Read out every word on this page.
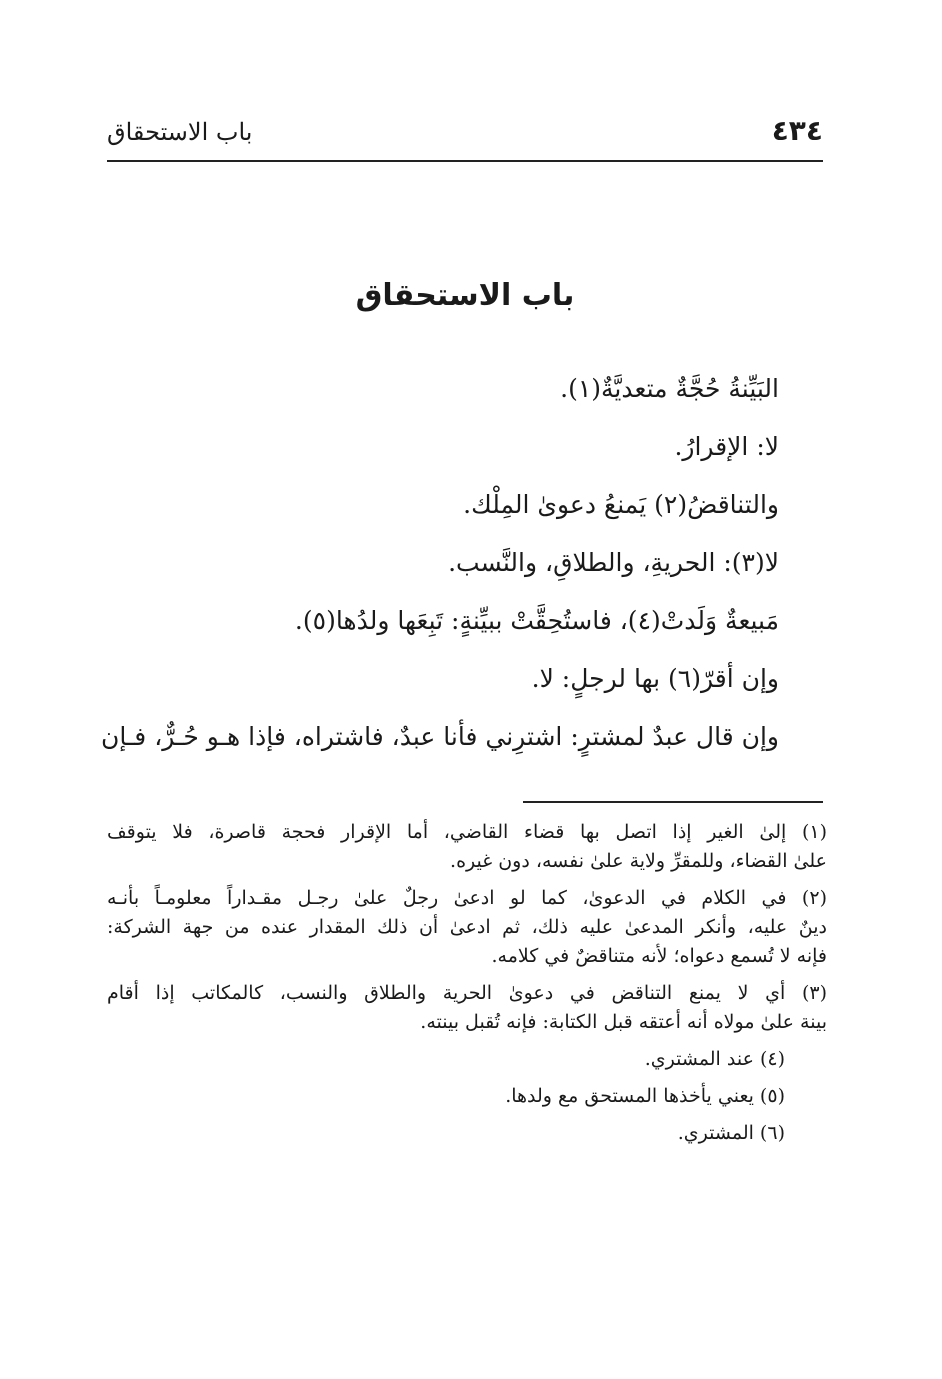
٤٣٤
باب الاستحقاق
باب الاستحقاق
البَيِّنةُ حُجَّةٌ متعديَّةٌ(١).
لا: الإقرارُ.
والتناقضُ(٢) يَمنعُ دعوىٰ المِلْك.
لا(٣): الحريةِ، والطلاقِ، والنَّسب.
مَبيعةٌ وَلَدتْ(٤)، فاستُحِقَّتْ ببيِّنةٍ: تَبِعَها ولدُها(٥).
وإن أقرّ(٦) بها لرجلٍ: لا.
وإن قال عبدٌ لمشترٍ: اشترِني فأنا عبدٌ، فاشتراه، فإذا هـو حُـرٌّ، فـإن
(١) إلىٰ الغير إذا اتصل بها قضاء القاضي، أما الإقرار فحجة قاصرة، فلا يتوقف
علىٰ القضاء، وللمقرِّ ولاية علىٰ نفسه، دون غيره.
(٢) في الكلام في الدعوىٰ، كما لو ادعىٰ رجلٌ علىٰ رجـل مقـداراً معلومـاً بأنـه
دينٌ عليه، وأنكر المدعىٰ عليه ذلك، ثم ادعىٰ أن ذلك المقدار عنده من جهة الشركة:
فإنه لا تُسمع دعواه؛ لأنه متناقضٌ في كلامه.
(٣) أي لا يمنع التناقض في دعوىٰ الحرية والطلاق والنسب، كالمكاتب إذا أقام
بينة علىٰ مولاه أنه أعتقه قبل الكتابة: فإنه تُقبل بينته.
(٤) عند المشتري.
(٥) يعني يأخذها المستحق مع ولدها.
(٦) المشتري.
